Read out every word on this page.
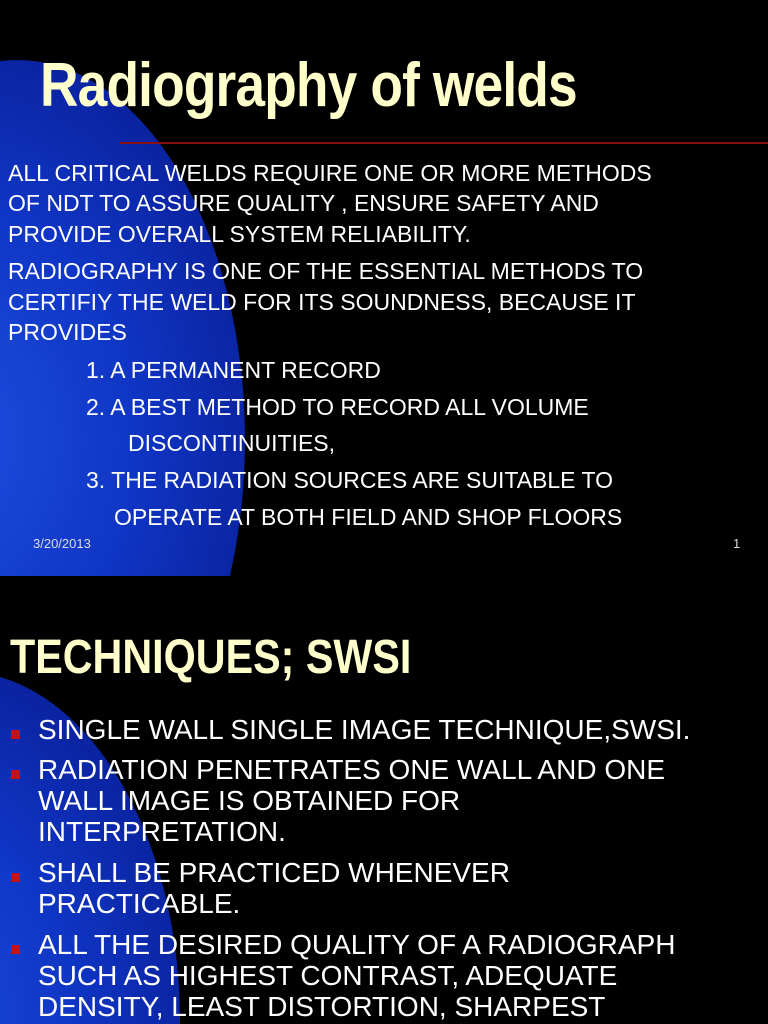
Radiography of welds
ALL CRITICAL WELDS REQUIRE ONE OR MORE METHODS
OF NDT TO ASSURE QUALITY , ENSURE SAFETY AND
PROVIDE OVERALL SYSTEM RELIABILITY.
RADIOGRAPHY IS ONE OF THE ESSENTIAL METHODS TO
CERTIFIY THE WELD FOR ITS SOUNDNESS, BECAUSE IT
PROVIDES
1. A PERMANENT RECORD
2. A BEST METHOD TO RECORD ALL VOLUME
DISCONTINUITIES,
3. THE RADIATION SOURCES ARE SUITABLE TO
OPERATE AT BOTH FIELD AND SHOP FLOORS
3/20/2013	1
TECHNIQUES; SWSI
SINGLE WALL SINGLE IMAGE TECHNIQUE,SWSI.
RADIATION PENETRATES ONE WALL AND ONE
WALL IMAGE IS OBTAINED FOR
INTERPRETATION.
SHALL BE PRACTICED WHENEVER
PRACTICABLE.
ALL THE DESIRED QUALITY OF A RADIOGRAPH
SUCH AS HIGHEST CONTRAST, ADEQUATE
DENSITY, LEAST DISTORTION, SHARPEST
